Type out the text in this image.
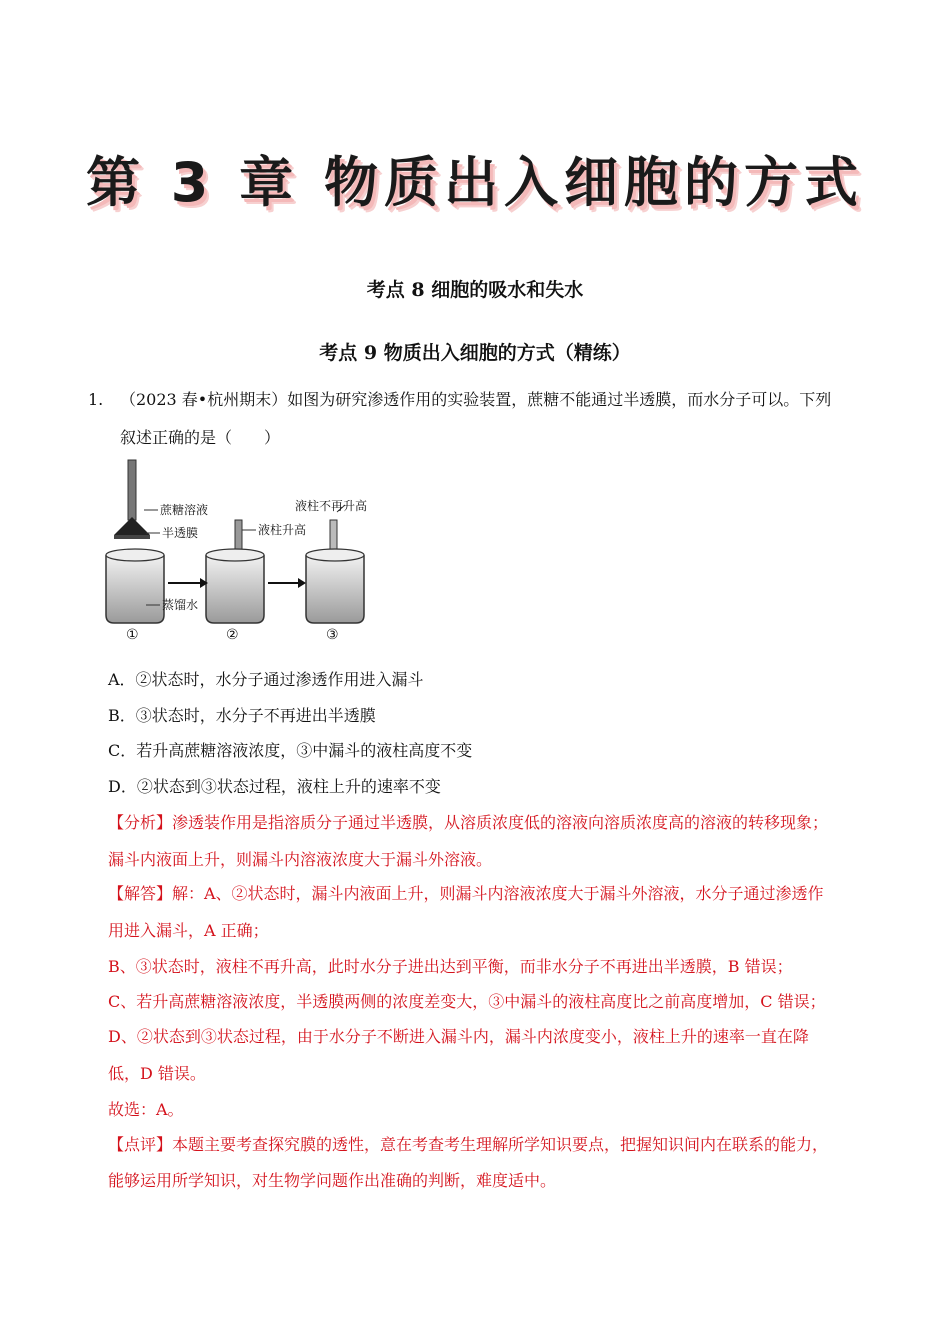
第 3 章 物质出入细胞的方式
考点 8 细胞的吸水和失水
考点 9 物质出入细胞的方式（精练）
1. （2023 春•杭州期末）如图为研究渗透作用的实验装置，蔗糖不能通过半透膜，而水分子可以。下列
叙述正确的是（　　）
蔗糖溶液
半透膜
蒸馏水
液柱升高
液柱不再升高
①	②	③
A．②状态时，水分子通过渗透作用进入漏斗
B．③状态时，水分子不再进出半透膜
C．若升高蔗糖溶液浓度，③中漏斗的液柱高度不变
D．②状态到③状态过程，液柱上升的速率不变
【分析】渗透装作用是指溶质分子通过半透膜，从溶质浓度低的溶液向溶质浓度高的溶液的转移现象；
漏斗内液面上升，则漏斗内溶液浓度大于漏斗外溶液。
【解答】解：A、②状态时，漏斗内液面上升，则漏斗内溶液浓度大于漏斗外溶液，水分子通过渗透作
用进入漏斗，A 正确；
B、③状态时，液柱不再升高，此时水分子进出达到平衡，而非水分子不再进出半透膜，B 错误；
C、若升高蔗糖溶液浓度，半透膜两侧的浓度差变大，③中漏斗的液柱高度比之前高度增加，C 错误；
D、②状态到③状态过程，由于水分子不断进入漏斗内，漏斗内浓度变小，液柱上升的速率一直在降
低，D 错误。
故选：A。
【点评】本题主要考查探究膜的透性，意在考查考生理解所学知识要点，把握知识间内在联系的能力，
能够运用所学知识，对生物学问题作出准确的判断，难度适中。
